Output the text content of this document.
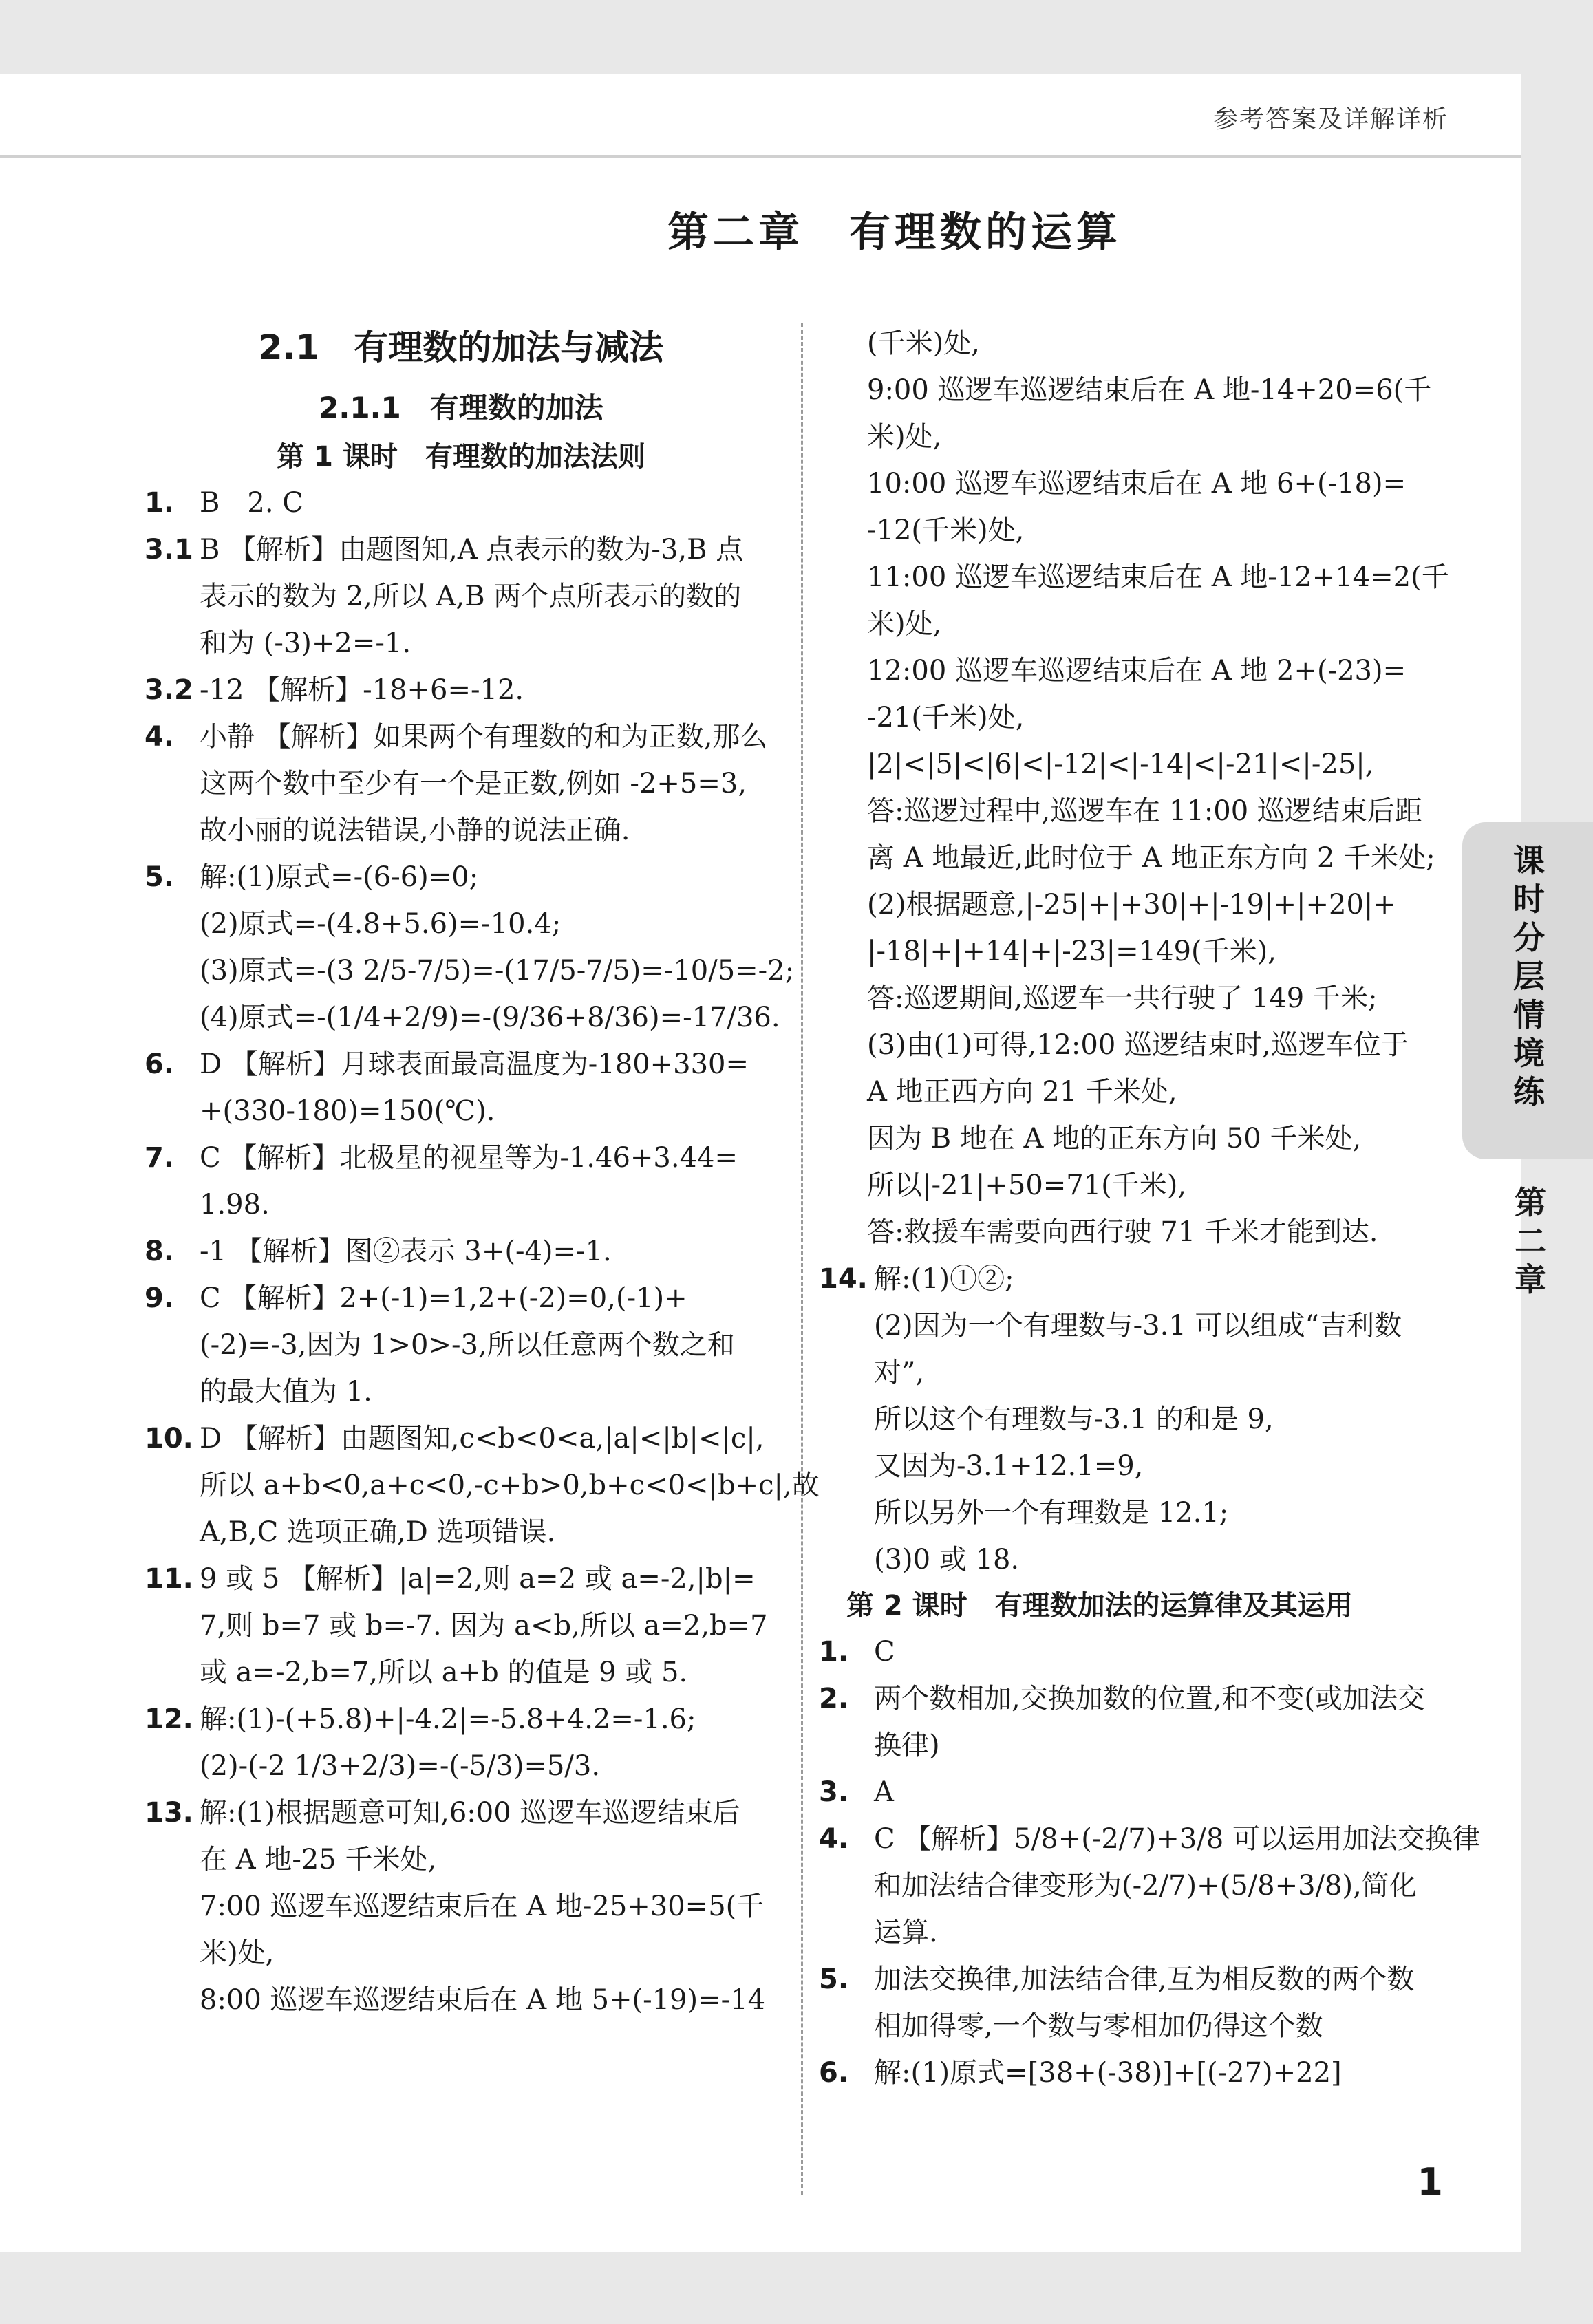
参考答案及详解详析
第二章　有理数的运算
2.1　有理数的加法与减法
2.1.1　有理数的加法
第 1 课时　有理数的加法法则
1. B　2. C
3.1 B 【解析】由题图知,A 点表示的数为-3,B 点
表示的数为 2,所以 A,B 两个点所表示的数的
和为 (-3)+2=-1.
3.2 -12 【解析】-18+6=-12.
4. 小静 【解析】如果两个有理数的和为正数,那么
这两个数中至少有一个是正数,例如 -2+5=3,
故小丽的说法错误,小静的说法正确.
5. 解:(1)原式=-(6-6)=0;
(2)原式=-(4.8+5.6)=-10.4;
(3)原式=-(3 2/5-7/5)=-(17/5-7/5)=-10/5=-2;
(4)原式=-(1/4+2/9)=-(9/36+8/36)=-17/36.
6. D 【解析】月球表面最高温度为-180+330=
+(330-180)=150(℃).
7. C 【解析】北极星的视星等为-1.46+3.44=
1.98.
8. -1 【解析】图②表示 3+(-4)=-1.
9. C 【解析】2+(-1)=1,2+(-2)=0,(-1)+
(-2)=-3,因为 1>0>-3,所以任意两个数之和
的最大值为 1.
10. D 【解析】由题图知,c<b<0<a,|a|<|b|<|c|,
所以 a+b<0,a+c<0,-c+b>0,b+c<0<|b+c|,故
A,B,C 选项正确,D 选项错误.
11. 9 或 5 【解析】|a|=2,则 a=2 或 a=-2,|b|=
7,则 b=7 或 b=-7. 因为 a<b,所以 a=2,b=7
或 a=-2,b=7,所以 a+b 的值是 9 或 5.
12. 解:(1)-(+5.8)+|-4.2|=-5.8+4.2=-1.6;
(2)-(-2 1/3+2/3)=-(-5/3)=5/3.
13. 解:(1)根据题意可知,6:00 巡逻车巡逻结束后
在 A 地-25 千米处,
7:00 巡逻车巡逻结束后在 A 地-25+30=5(千
米)处,
8:00 巡逻车巡逻结束后在 A 地 5+(-19)=-14
(千米)处,
9:00 巡逻车巡逻结束后在 A 地-14+20=6(千
米)处,
10:00 巡逻车巡逻结束后在 A 地 6+(-18)=
-12(千米)处,
11:00 巡逻车巡逻结束后在 A 地-12+14=2(千
米)处,
12:00 巡逻车巡逻结束后在 A 地 2+(-23)=
-21(千米)处,
|2|<|5|<|6|<|-12|<|-14|<|-21|<|-25|,
答:巡逻过程中,巡逻车在 11:00 巡逻结束后距
离 A 地最近,此时位于 A 地正东方向 2 千米处;
(2)根据题意,|-25|+|+30|+|-19|+|+20|+
|-18|+|+14|+|-23|=149(千米),
答:巡逻期间,巡逻车一共行驶了 149 千米;
(3)由(1)可得,12:00 巡逻结束时,巡逻车位于
A 地正西方向 21 千米处,
因为 B 地在 A 地的正东方向 50 千米处,
所以|-21|+50=71(千米),
答:救援车需要向西行驶 71 千米才能到达.
14. 解:(1)①②;
(2)因为一个有理数与-3.1 可以组成“吉利数
对”,
所以这个有理数与-3.1 的和是 9,
又因为-3.1+12.1=9,
所以另外一个有理数是 12.1;
(3)0 或 18.
第 2 课时　有理数加法的运算律及其运用
1. C
2. 两个数相加,交换加数的位置,和不变(或加法交
换律)
3. A
4. C 【解析】5/8+(-2/7)+3/8 可以运用加法交换律
和加法结合律变形为(-2/7)+(5/8+3/8),简化
运算.
5. 加法交换律,加法结合律,互为相反数的两个数
相加得零,一个数与零相加仍得这个数
6. 解:(1)原式=[38+(-38)]+[(-27)+22]
课时分层情境练
第二章
1
